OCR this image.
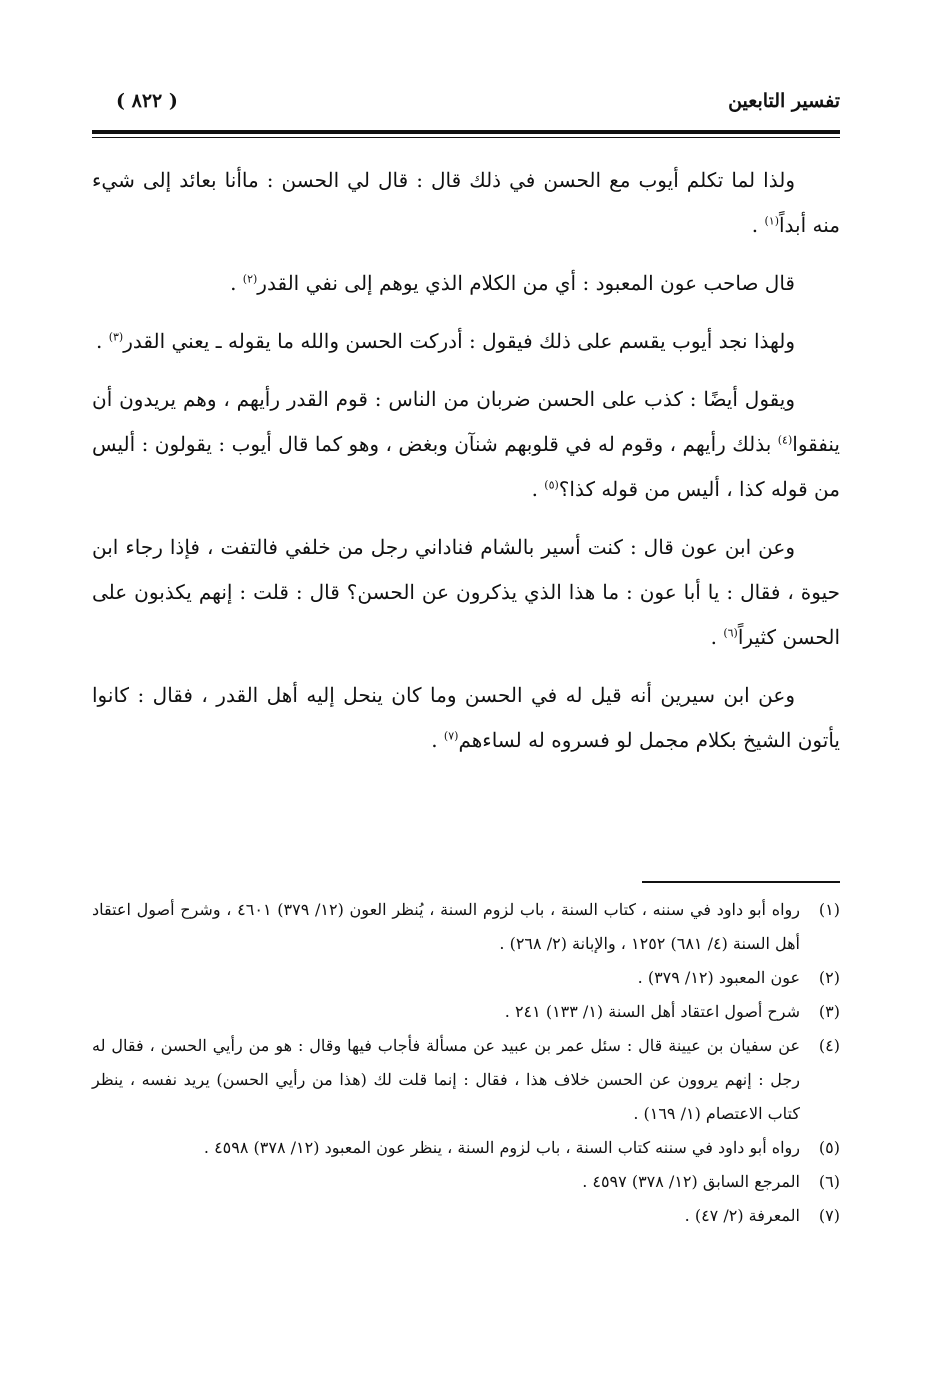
تفسير التابعين
( ٨٢٢ )

ولذا لما تكلم أيوب مع الحسن في ذلك قال : قال لي الحسن : ماأنا بعائد إلى شيء منه أبداً$^{(١)}$ .

قال صاحب عون المعبود : أي من الكلام الذي يوهم إلى نفي القدر$^{(٢)}$ .

ولهذا نجد أيوب يقسم على ذلك فيقول : أدركت الحسن والله ما يقوله ـ يعني القدر$^{(٣)}$ .

ويقول أيضًا : كذب على الحسن ضربان من الناس : قوم القدر رأيهم ، وهم يريدون أن ينفقوا$^{(٤)}$ بذلك رأيهم ، وقوم له في قلوبهم شنآن وبغض ، وهو كما قال أيوب : يقولون : أليس من قوله كذا ، أليس من قوله كذا؟$^{(٥)}$ .

وعن ابن عون قال : كنت أسير بالشام فناداني رجل من خلفي فالتفت ، فإذا رجاء ابن حيوة ، فقال : يا أبا عون : ما هذا الذي يذكرون عن الحسن؟ قال : قلت : إنهم يكذبون على الحسن كثيراً$^{(٦)}$ .

وعن ابن سيرين أنه قيل له في الحسن وما كان ينحل إليه أهل القدر ، فقال : كانوا يأتون الشيخ بكلام مجمل لو فسروه له لساءهم$^{(٧)}$ .

(١)
رواه أبو داود في سننه ، كتاب السنة ، باب لزوم السنة ، يُنظر العون (١٢/ ٣٧٩) ٤٦٠١ ، وشرح أصول اعتقاد أهل السنة (٤/ ٦٨١) ١٢٥٢ ، والإبانة (٢/ ٢٦٨) .
(٢)
عون المعبود (١٢/ ٣٧٩) .
(٣)
شرح أصول اعتقاد أهل السنة (١/ ١٣٣) ٢٤١ .
(٤)
عن سفيان بن عيينة قال : سئل عمر بن عبيد عن مسألة فأجاب فيها وقال : هو من رأيي الحسن ، فقال له رجل : إنهم يروون عن الحسن خلاف هذا ، فقال : إنما قلت لك (هذا من رأيي الحسن) يريد نفسه ، ينظر كتاب الاعتصام (١/ ١٦٩) .
(٥)
رواه أبو داود في سننه كتاب السنة ، باب لزوم السنة ، ينظر عون المعبود (١٢/ ٣٧٨) ٤٥٩٨ .
(٦)
المرجع السابق (١٢/ ٣٧٨) ٤٥٩٧ .
(٧)
المعرفة (٢/ ٤٧) .
